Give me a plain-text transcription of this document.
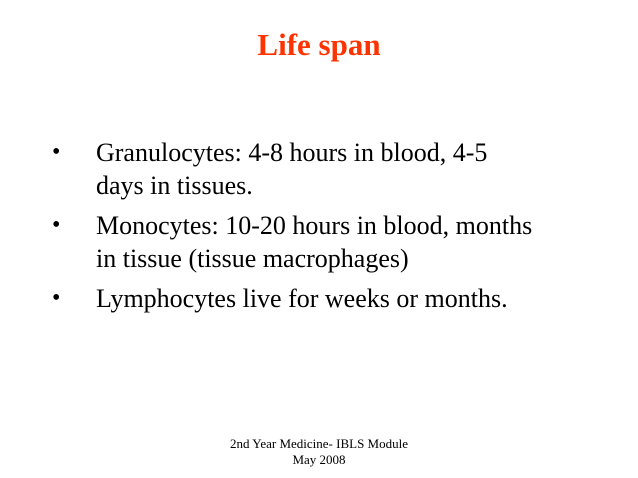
Life span
•	Granulocytes: 4-8 hours in blood, 4-5
days in tissues.
•	Monocytes: 10-20 hours in blood, months
in tissue (tissue macrophages)
•	Lymphocytes live for weeks or months.
2nd Year Medicine- IBLS Module
May 2008
